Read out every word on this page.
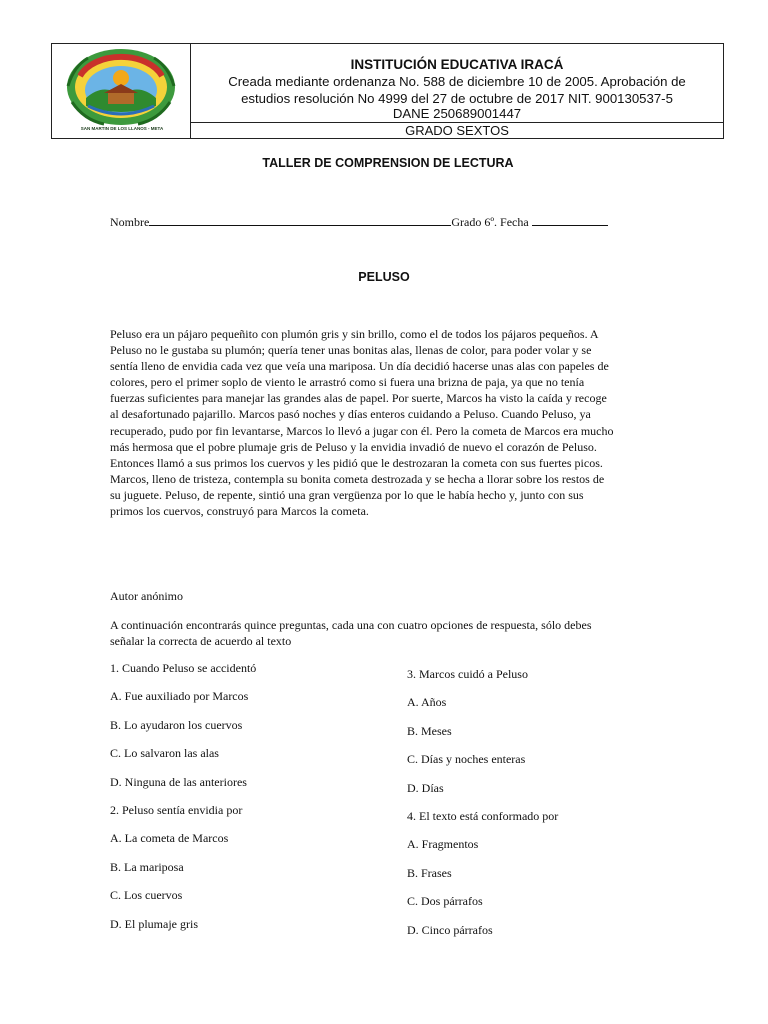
SAN MARTIN DE LOS LLANOS - META
INSTITUCIÓN EDUCATIVA IRACÁ
Creada mediante ordenanza No. 588 de diciembre 10 de 2005. Aprobación de
estudios resolución No 4999 del 27 de octubre de 2017 NIT. 900130537-5
DANE 250689001447
GRADO SEXTOS
TALLER DE COMPRENSION DE LECTURA
Nombre	Grado 6º. Fecha
PELUSO
Peluso era un pájaro pequeñito con plumón gris y sin brillo, como el de todos los pájaros pequeños. A
Peluso no le gustaba su plumón; quería tener unas bonitas alas, llenas de color, para poder volar y se
sentía lleno de envidia cada vez que veía una mariposa. Un día decidió hacerse unas alas con papeles de
colores, pero el primer soplo de viento le arrastró como si fuera una brizna de paja, ya que no tenía
fuerzas suficientes para manejar las grandes alas de papel. Por suerte, Marcos ha visto la caída y recoge
al desafortunado pajarillo. Marcos pasó noches y días enteros cuidando a Peluso. Cuando Peluso, ya
recuperado, pudo por fin levantarse, Marcos lo llevó a jugar con él. Pero la cometa de Marcos era mucho
más hermosa que el pobre plumaje gris de Peluso y la envidia invadió de nuevo el corazón de Peluso.
Entonces llamó a sus primos los cuervos y les pidió que le destrozaran la cometa con sus fuertes picos.
Marcos, lleno de tristeza, contempla su bonita cometa destrozada y se hecha a llorar sobre los restos de
su juguete. Peluso, de repente, sintió una gran vergüenza por lo que le había hecho y, junto con sus
primos los cuervos, construyó para Marcos la cometa.
Autor anónimo
A continuación encontrarás quince preguntas, cada una con cuatro opciones de respuesta, sólo debes
señalar la correcta de acuerdo al texto
1. Cuando Peluso se accidentó
A. Fue auxiliado por Marcos
B. Lo ayudaron los cuervos
C. Lo salvaron las alas
D. Ninguna de las anteriores
2. Peluso sentía envidia por
A. La cometa de Marcos
B. La mariposa
C. Los cuervos
D. El plumaje gris
3. Marcos cuidó a Peluso
A. Años
B. Meses
C. Días y noches enteras
D. Días
4. El texto está conformado por
A. Fragmentos
B. Frases
C. Dos párrafos
D. Cinco párrafos
